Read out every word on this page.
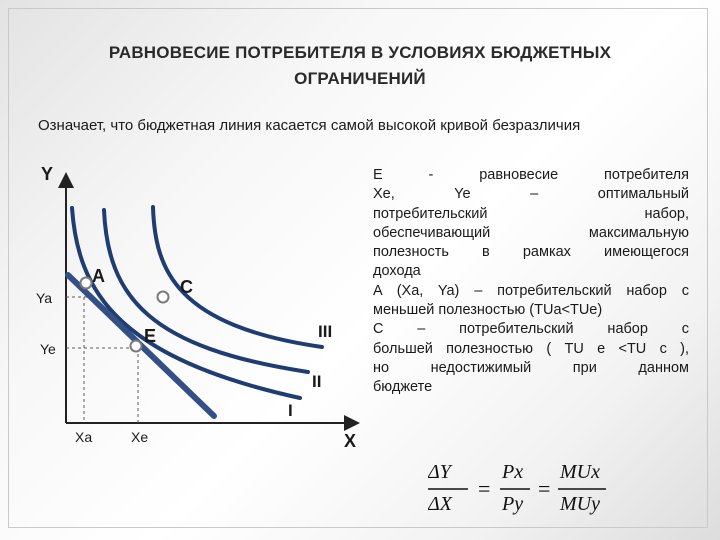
РАВНОВЕСИЕ ПОТРЕБИТЕЛЯ В УСЛОВИЯХ БЮДЖЕТНЫХ
ОГРАНИЧЕНИЙ
Означает, что бюджетная линия касается самой высокой кривой безразличия
Y
X
A
E
C
I
II
III
Ya
Ye
Xa	Xe

E - равновесие потребителя

Xe, Ye – оптимальный

потребительский набор,

обеспечивающий максимальную

полезность в рамках имеющегося

дохода

A (Xa, Ya) – потребительский набор с

меньшей полезностью (TUa<TUe)

C – потребительский набор с

большей полезностью ( TU e <TU c ),

но недостижимый при данном

бюджете

ΔY
ΔX
Px
Py
MUx
MUy
= =
